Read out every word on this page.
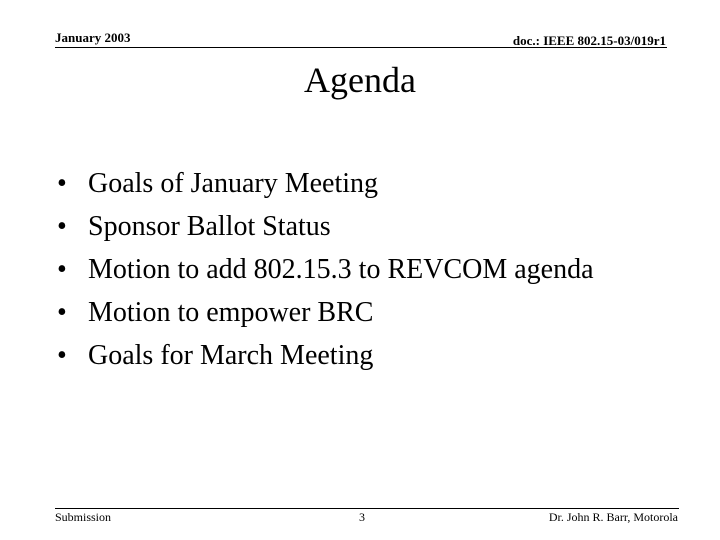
January 2003	doc.: IEEE 802.15-03/019r1
Agenda
• Goals of January Meeting
• Sponsor Ballot Status
• Motion to add 802.15.3 to REVCOM agenda
• Motion to empower BRC
• Goals for March Meeting
Submission	3	Dr. John R. Barr, Motorola
